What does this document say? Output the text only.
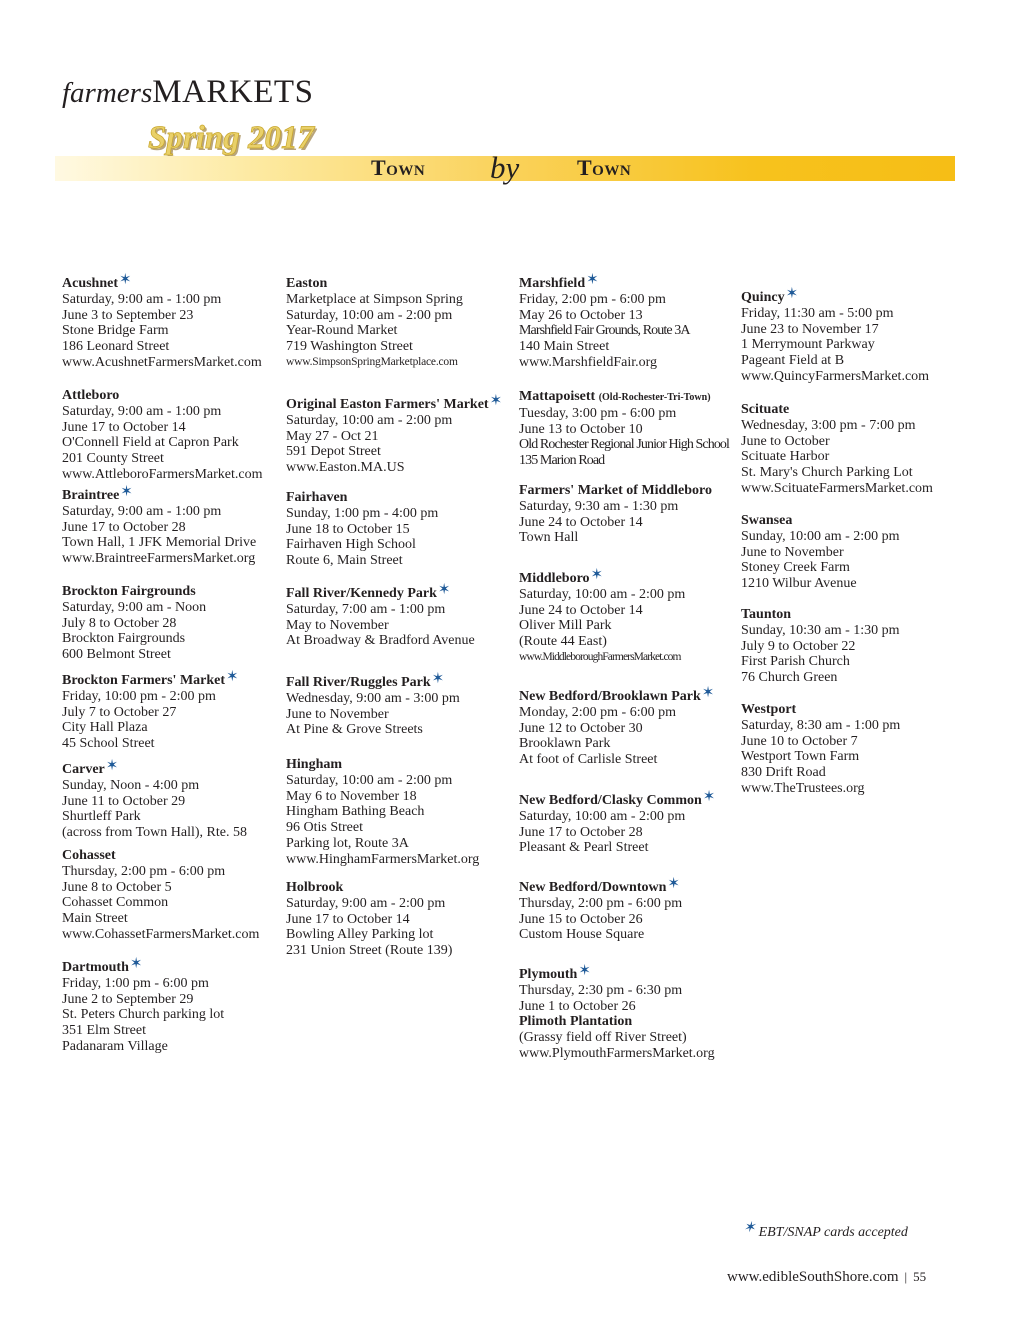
farmersMARKETS
Spring 2017
Town by	Town
Acushnet✶
Saturday, 9:00 am - 1:00 pm
June 3 to September 23
Stone Bridge Farm
186 Leonard Street
www.AcushnetFarmersMarket.com
Attleboro
Saturday, 9:00 am - 1:00 pm
June 17 to October 14
O'Connell Field at Capron Park
201 County Street
www.AttleboroFarmersMarket.com
Braintree✶
Saturday, 9:00 am - 1:00 pm
June 17 to October 28
Town Hall, 1 JFK Memorial Drive
www.BraintreeFarmersMarket.org
Brockton Fairgrounds
Saturday, 9:00 am - Noon
July 8 to October 28
Brockton Fairgrounds
600 Belmont Street
Brockton Farmers' Market✶
Friday, 10:00 pm - 2:00 pm
July 7 to October 27
City Hall Plaza
45 School Street
Carver✶
Sunday, Noon - 4:00 pm
June 11 to October 29
Shurtleff Park
(across from Town Hall), Rte. 58
Cohasset
Thursday, 2:00 pm - 6:00 pm
June 8 to October 5
Cohasset Common
Main Street
www.CohassetFarmersMarket.com
Dartmouth✶
Friday, 1:00 pm - 6:00 pm
June 2 to September 29
St. Peters Church parking lot
351 Elm Street
Padanaram Village
Easton
Marketplace at Simpson Spring
Saturday, 10:00 am - 2:00 pm
Year-Round Market
719 Washington Street
www.SimpsonSpringMarketplace.com
Original Easton Farmers' Market✶
Saturday, 10:00 am - 2:00 pm
May 27 - Oct 21
591 Depot Street
www.Easton.MA.US
Fairhaven
Sunday, 1:00 pm - 4:00 pm
June 18 to October 15
Fairhaven High School
Route 6, Main Street
Fall River/Kennedy Park✶
Saturday, 7:00 am - 1:00 pm
May to November
At Broadway & Bradford Avenue
Fall River/Ruggles Park✶
Wednesday, 9:00 am - 3:00 pm
June to November
At Pine & Grove Streets
Hingham
Saturday, 10:00 am - 2:00 pm
May 6 to November 18
Hingham Bathing Beach
96 Otis Street
Parking lot, Route 3A
www.HinghamFarmersMarket.org
Holbrook
Saturday, 9:00 am - 2:00 pm
June 17 to October 14
Bowling Alley Parking lot
231 Union Street (Route 139)
Marshfield✶
Friday, 2:00 pm - 6:00 pm
May 26 to October 13
Marshfield Fair Grounds, Route 3A
140 Main Street
www.MarshfieldFair.org
Mattapoisett (Old-Rochester-Tri-Town)
Tuesday, 3:00 pm - 6:00 pm
June 13 to October 10
Old Rochester Regional Junior High School
135 Marion Road
Farmers' Market of Middleboro
Saturday, 9:30 am - 1:30 pm
June 24 to October 14
Town Hall
Middleboro✶
Saturday, 10:00 am - 2:00 pm
June 24 to October 14
Oliver Mill Park
(Route 44 East)
www.MiddleboroughFarmersMarket.com
New Bedford/Brooklawn Park✶
Monday, 2:00 pm - 6:00 pm
June 12 to October 30
Brooklawn Park
At foot of Carlisle Street
New Bedford/Clasky Common✶
Saturday, 10:00 am - 2:00 pm
June 17 to October 28
Pleasant & Pearl Street
New Bedford/Downtown✶
Thursday, 2:00 pm - 6:00 pm
June 15 to October 26
Custom House Square
Plymouth✶
Thursday, 2:30 pm - 6:30 pm
June 1 to October 26
Plimoth Plantation
(Grassy field off River Street)
www.PlymouthFarmersMarket.org
Quincy✶
Friday, 11:30 am - 5:00 pm
June 23 to November 17
1 Merrymount Parkway
Pageant Field at B
www.QuincyFarmersMarket.com
Scituate
Wednesday, 3:00 pm - 7:00 pm
June to October
Scituate Harbor
St. Mary's Church Parking Lot
www.ScituateFarmersMarket.com
Swansea
Sunday, 10:00 am - 2:00 pm
June to November
Stoney Creek Farm
1210 Wilbur Avenue
Taunton
Sunday, 10:30 am - 1:30 pm
July 9 to October 22
First Parish Church
76 Church Green
Westport
Saturday, 8:30 am - 1:00 pm
June 10 to October 7
Westport Town Farm
830 Drift Road
www.TheTrustees.org
✶ EBT/SNAP cards accepted
www.edibleSouthShore.com | 55
